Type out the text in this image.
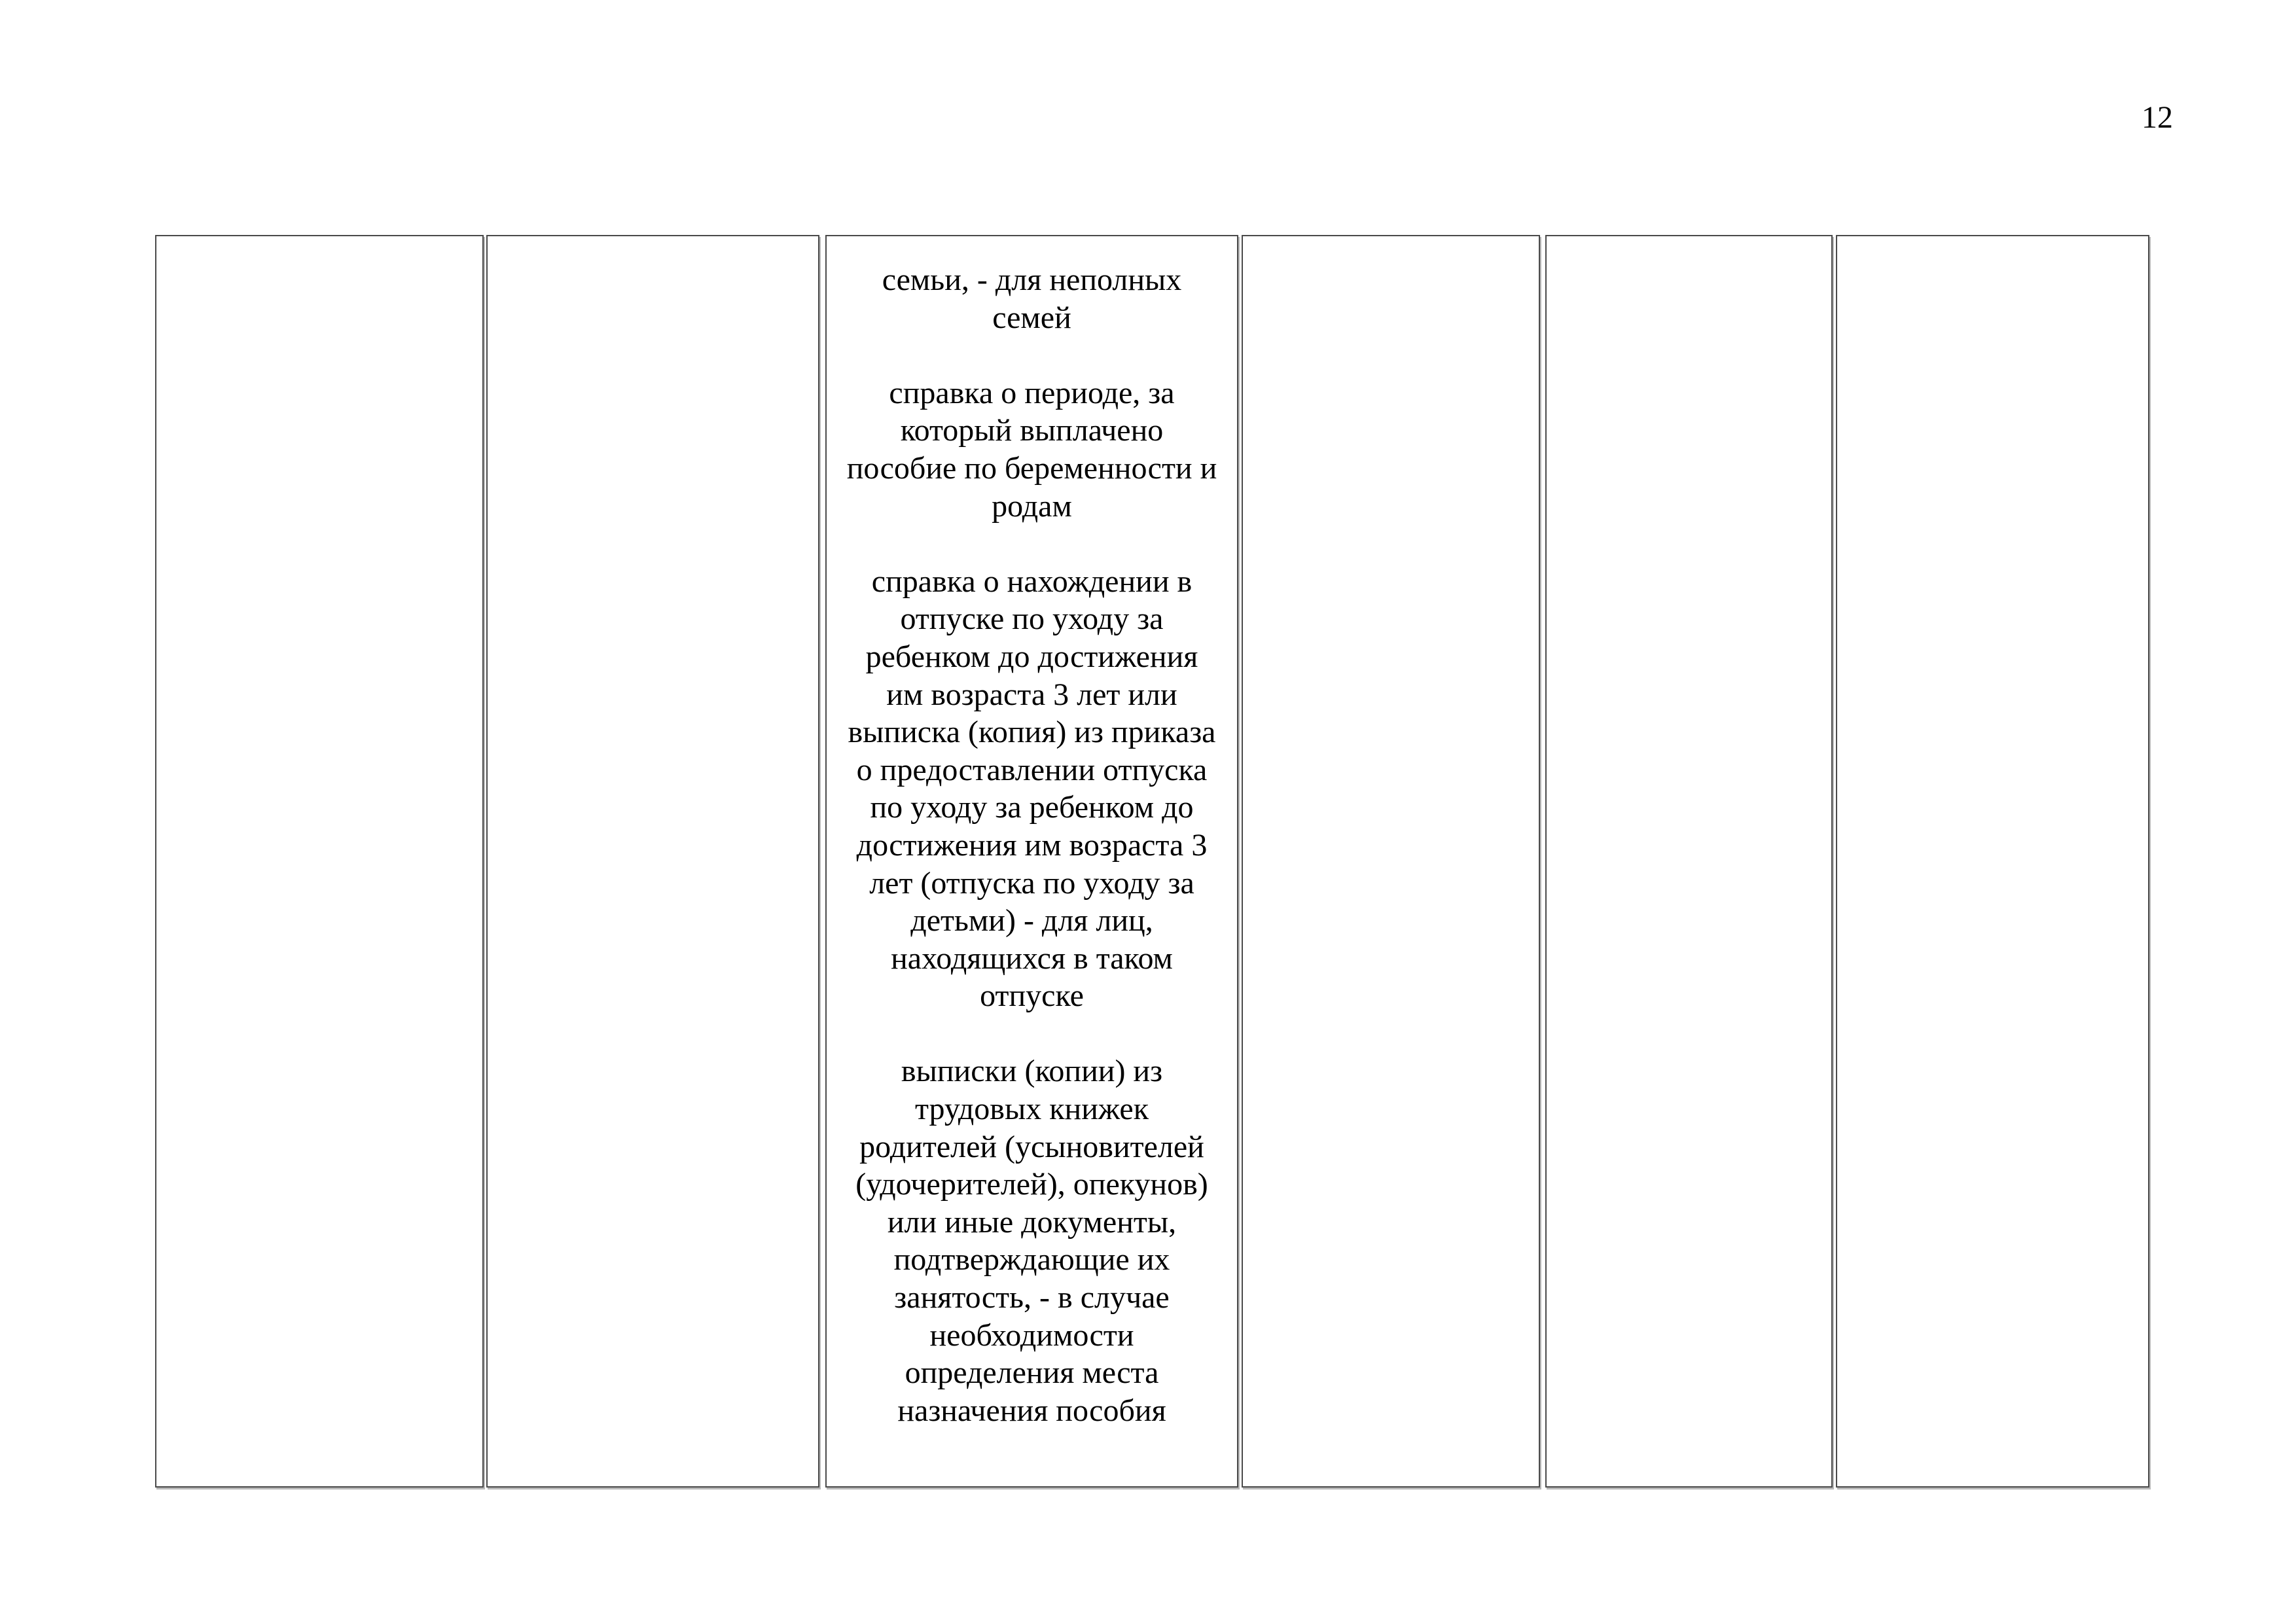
12

семьи, - для неполных
семей

справка о периоде, за
который выплачено
пособие по беременности и
родам

справка о нахождении в
отпуске по уходу за
ребенком до достижения
им возраста 3 лет или
выписка (копия) из приказа
о предоставлении отпуска
по уходу за ребенком до
достижения им возраста 3
лет (отпуска по уходу за
детьми) - для лиц,
находящихся в таком
отпуске

выписки (копии) из
трудовых книжек
родителей (усыновителей
(удочерителей), опекунов)
или иные документы,
подтверждающие их
занятость, - в случае
необходимости
определения места
назначения пособия
